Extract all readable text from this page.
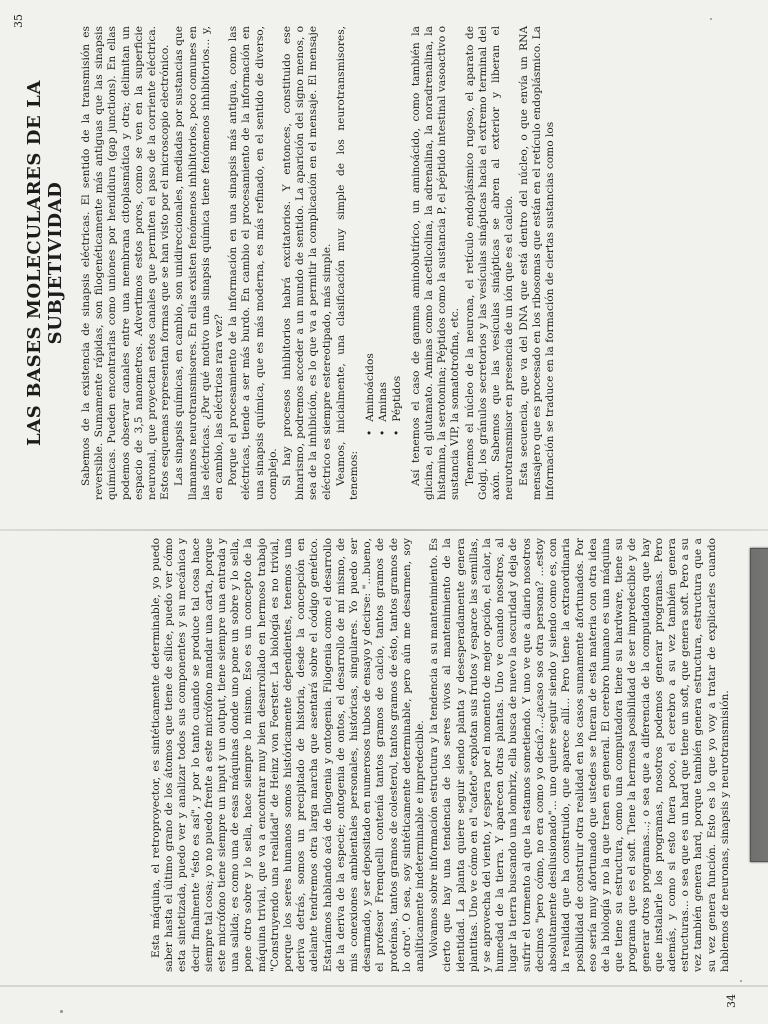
Esta máquina, el retroproyector, es sintéticamente determinable, yo puedo saber hasta el último grano de los átomos que tiene de sílice, puedo ver cómo esta sintetizada, puedo ver y analizar todos sus componentes y su mecánica y decir finalmente "ésto es así", y por lo tanto cuando se produce tal cosa hace siempre tal cosa; yo no puedo frente a este micrófono mandar una carta, porque este micrófono tiene siempre un input y un output, tiene siempre una entrada y una salida; es como una de esas máquinas donde uno pone un sobre y lo sella, pone otro sobre y lo sella, hace siempre lo mismo. Eso es un concepto de la máquina trivial, que va a encontrar muy bien desarrollado en hermoso trabajo "Construyendo una realidad" de Heinz von Foerster. La biología es no trivial, porque los seres humanos somos históricamente dependientes, tenemos una deriva detrás, somos un precipitado de historia, desde la concepción en adelante tendremos otra larga marcha que asentará sobre el código genético. Estaríamos hablando acá de filogenia y ontogenia. Filogenia como el desarrollo de la deriva de la especie; ontogenia de ontos, el desarrollo de mí mismo, de mis conexiones ambientales personales, históricas, singulares. Yo puedo ser desarmado, y ser depositado en numerosos tubos de ensayo y decirse: "...bueno, el profesor Frenquelli contenía tantos gramos de calcio, tantos gramos de proteínas, tantos gramos de colesterol, tantos gramos de ésto, tantos gramos de lo otro". O sea, soy sintéticamente determinable, pero aún me desarmen, soy analíticamente indeterminable e impredecible. Volvamos sobre información estructura y la tendencia a su mantenimiento. Es cierto que hay una tendencia de los seres vivos al mantenimiento de la identidad. La planta quiere seguir siendo planta y desesperadamente genera plantitas. Uno ve cómo en el "cafeto" explotan sus frutos y esparce las semillas, y se aprovecha del viento, y espera por el momento de mejor opción, el calor, la humedad de la tierra. Y aparecen otras plantas. Uno ve cuando nosotros, al lugar la tierra buscando una lombriz, ella busca de nuevo la oscuridad y deja de sufrir el tormento al que la estamos sometiendo. Y uno ve que a diario nosotros decimos "pero cómo, no era como yo decía?...¿acaso sos otra persona? ...estoy absolutamente desilusionado"... uno quiere seguir siendo y siendo como es, con la realidad que ha construido, que aparece allí... Pero tiene la extraordinaria posibilidad de construir otra realidad en los casos sumamente afortunados. Por eso sería muy afortunado que ustedes se fueran de esta materia con otra idea de la biología y no la que traen en general. El cerebro humano es una máquina que tiene su estructura, como una computadora tiene su hardware, tiene su programa que es el soft. Tiene la hermosa posibilidad de ser impredecible y de generar otros programas...; o sea que a diferencia de la computadora que hay que instalarle los programas, nosotros podemos generar programas. Pero además, y como si esto fuera poco, el cerebro a su vez también genera estructuras... o sea que es un hard que tiene un soft, que genera soft. Pero a su vez también genera hard, porque también genera estructura, estructura que a su vez genera función. Esto es lo que yo voy a tratar de explicarles cuando hablemos de neuronas, sinapsis y neurotransmisión.

34
35
LAS BASES MOLECULARES DE LA SUBJETIVIDAD Sabemos de la existencia de sinapsis eléctricas. El sentido de la transmisión es reversible. Sumamente rápidas, son filogenéticamente más antiguas que las sinapsis químicas. Pueden encontrarlas como uniones por hendidura (gap junctions). En ellas podemos observar canales entre una membrana citoplasmática y otra; delimitan un espacio de 3,5 nanometros. Advertimos estos poros, como se ven en la superficie neuronal, que proyectan estos canales que permiten el paso de la corriente eléctrica. Estos esquemas representan formas que se han visto por el microscopio electrónico. Las sinapsis químicas, en cambio, son unidireccionales, mediadas por sustancias que llamamos neurotransmisores. En ellas existen fenómenos inhibitorios, poco comunes en las eléctricas. ¿Por qué motivo una sinapsis química tiene fenómenos inhibitorios... y, en cambio, las eléctricas rara vez? Porque el procesamiento de la información en una sinapsis más antigua, como las eléctricas, tiende a ser más burdo. En cambio el procesamiento de la información en una sinapsis química, que es más moderna, es más refinado, en el sentido de diverso, complejo. Si hay procesos inhibitorios habrá excitatorios. Y entonces, constituido ese binarismo, podremos acceder a un mundo de sentido. La aparición del signo menos, o sea de la inhibición, es lo que va a permitir la complicación en el mensaje. El mensaje eléctrico es siempre estereotipado, más simple. Veamos, inicialmente, una clasificación muy simple de los neurotransmisores, tenemos:

• Aminoácidos • Aminas • Péptidos Así tenemos el caso de gamma aminobutírico, un aminoácido, como también la glicina, el glutamato. Aminas como la acetilcolina, la adrenalina, la noradrenalina, la histamina, la serotonina; Péptidos como la sustancia P, el péptido intestinal vasoactivo o sustancia VIP, la somatotrofina, etc. Tenemos el núcleo de la neurona, el retículo endoplásmico rugoso, el aparato de Golgi, los gránulos secretorios y las vesículas sinápticas hacia el extremo terminal del axón. Sabemos que las vesículas sinápticas se abren al exterior y liberan el neurotransmisor en presencia de un ión que es el calcio. Esta secuencia, que va del DNA que está dentro del núcleo, o que envía un RNA mensajero que es procesado en los ribosomas que están en el retículo endoplásmico. La información se traduce en la formación de ciertas sustancias como los
